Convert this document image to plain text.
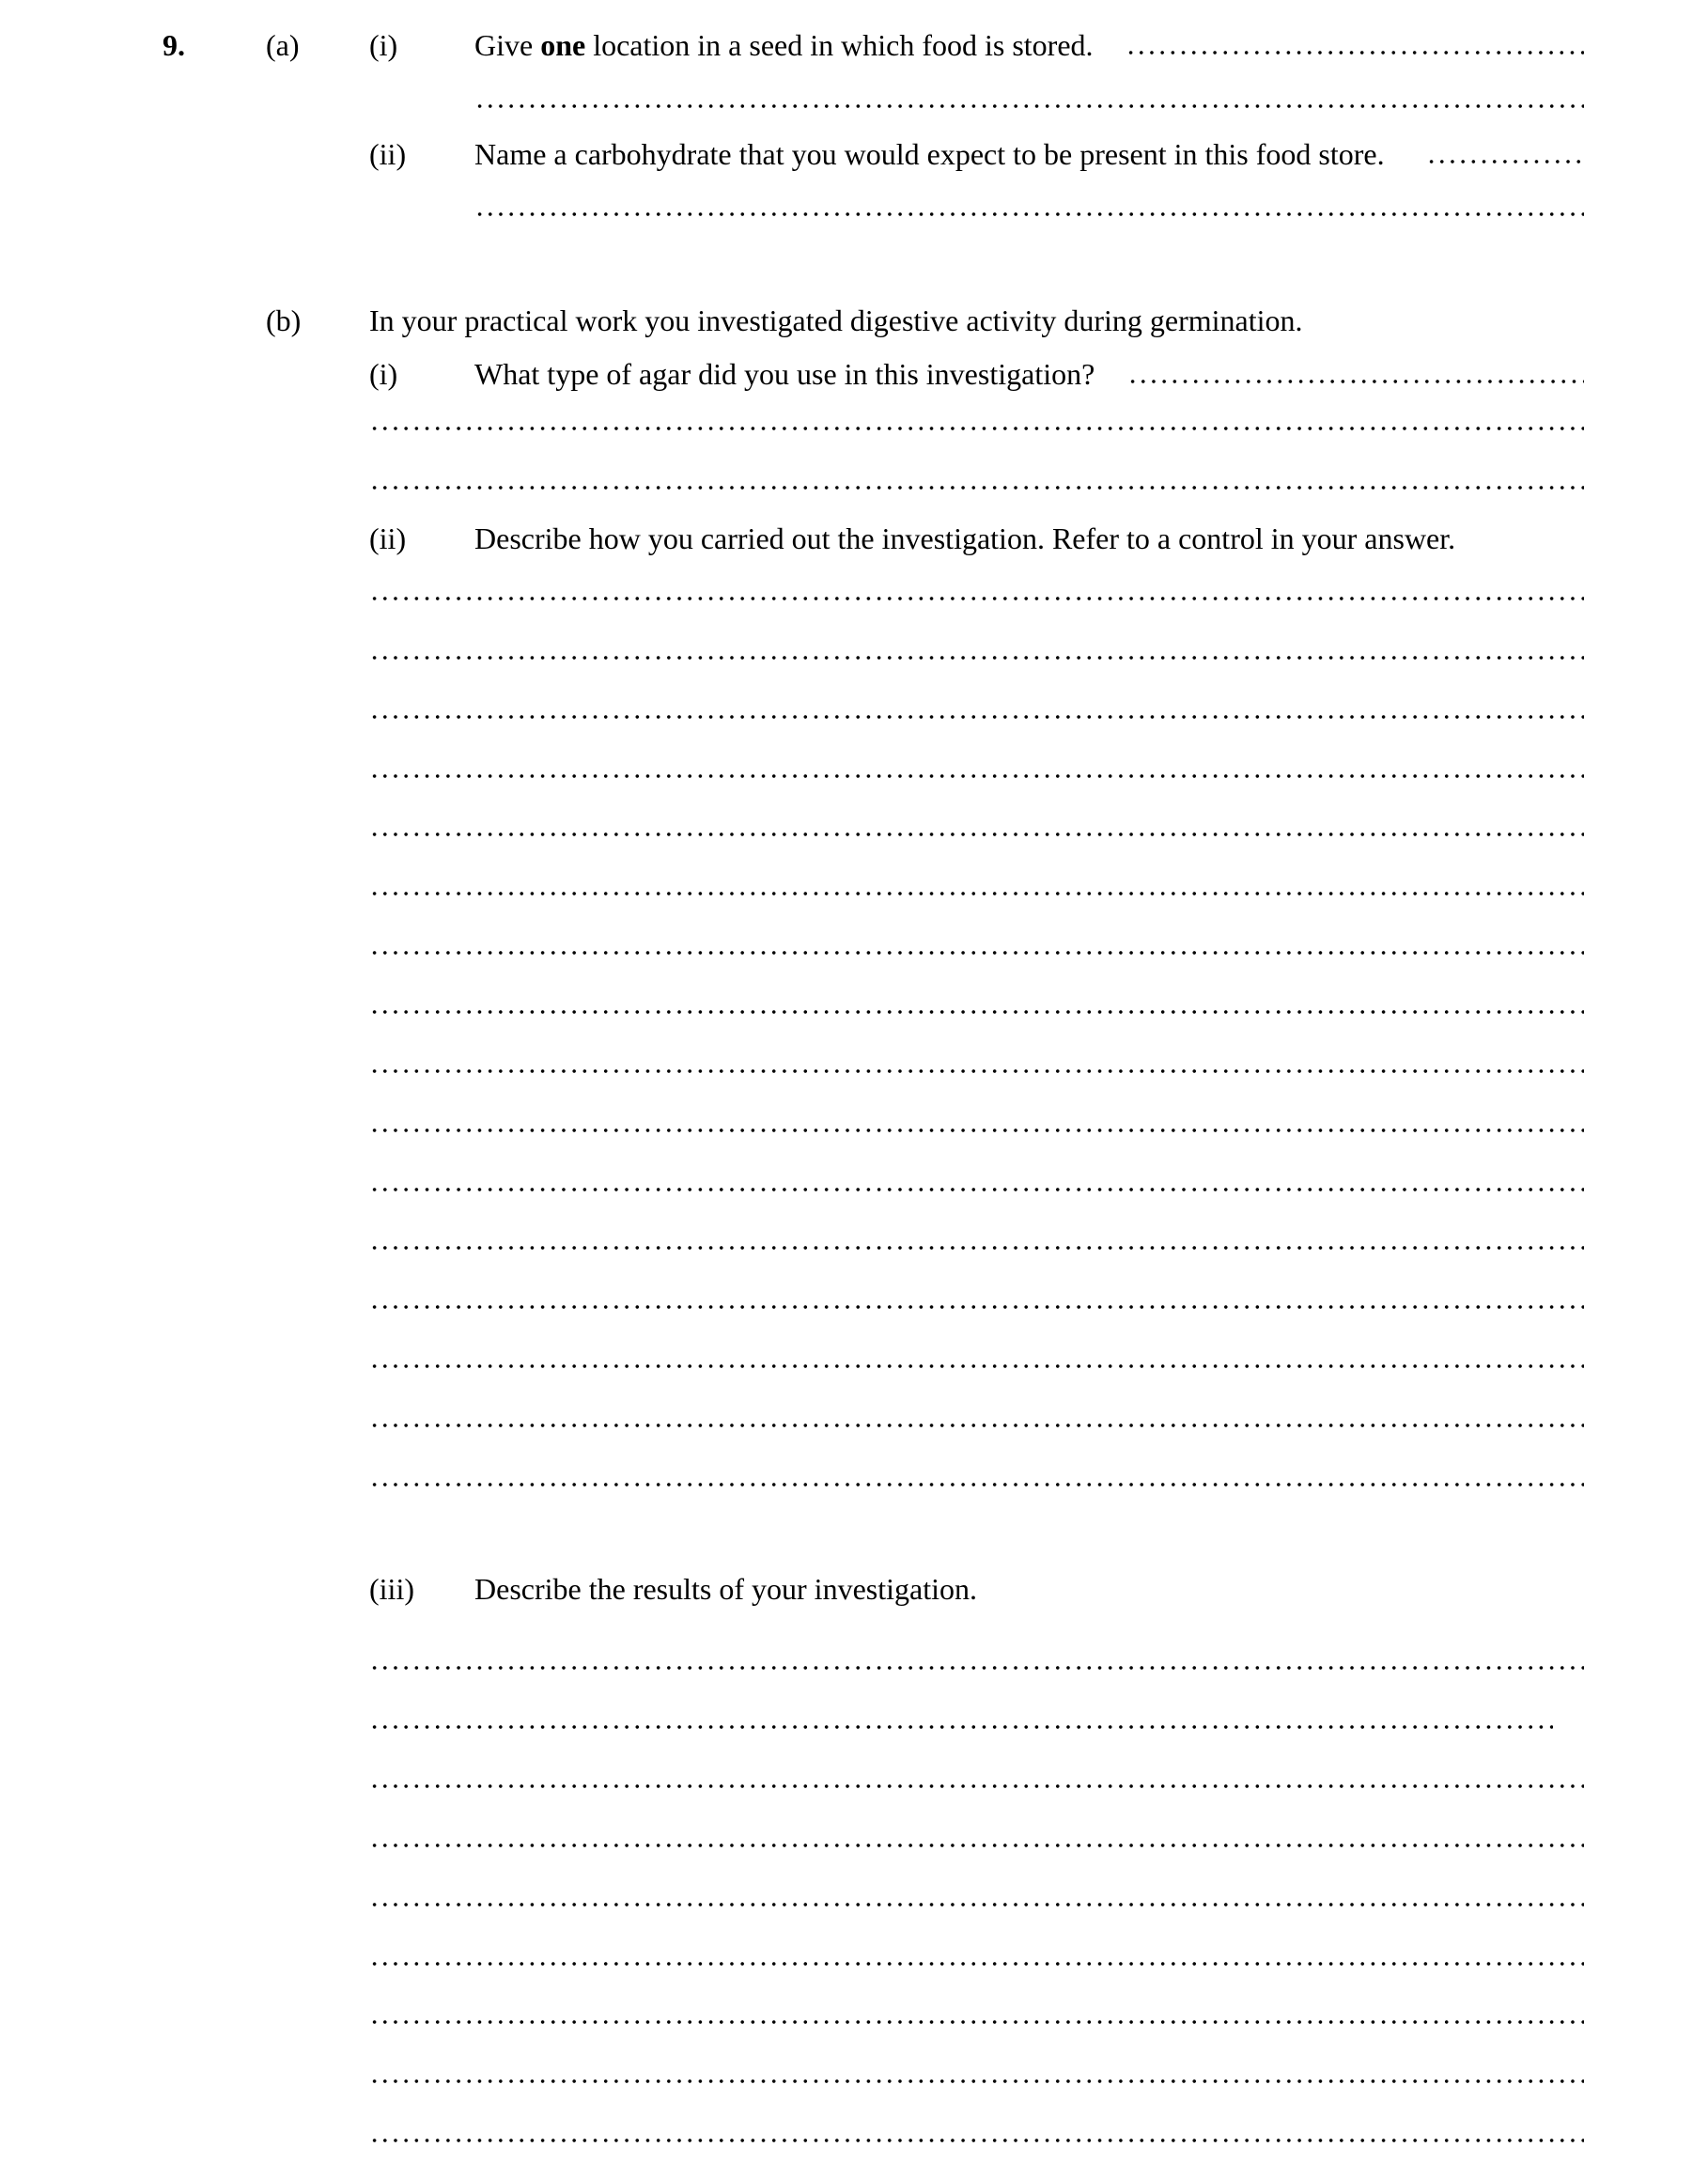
9.	(a) (i)	Give one location in a seed in which food is stored.
(ii) Name a carbohydrate that you would expect to be present in this food store.
(b) In your practical work you investigated digestive activity during germination.
(i)	What type of agar did you use in this investigation?
(ii) Describe how you carried out the investigation. Refer to a control in your answer.
(iii) Describe the results of your investigation.
